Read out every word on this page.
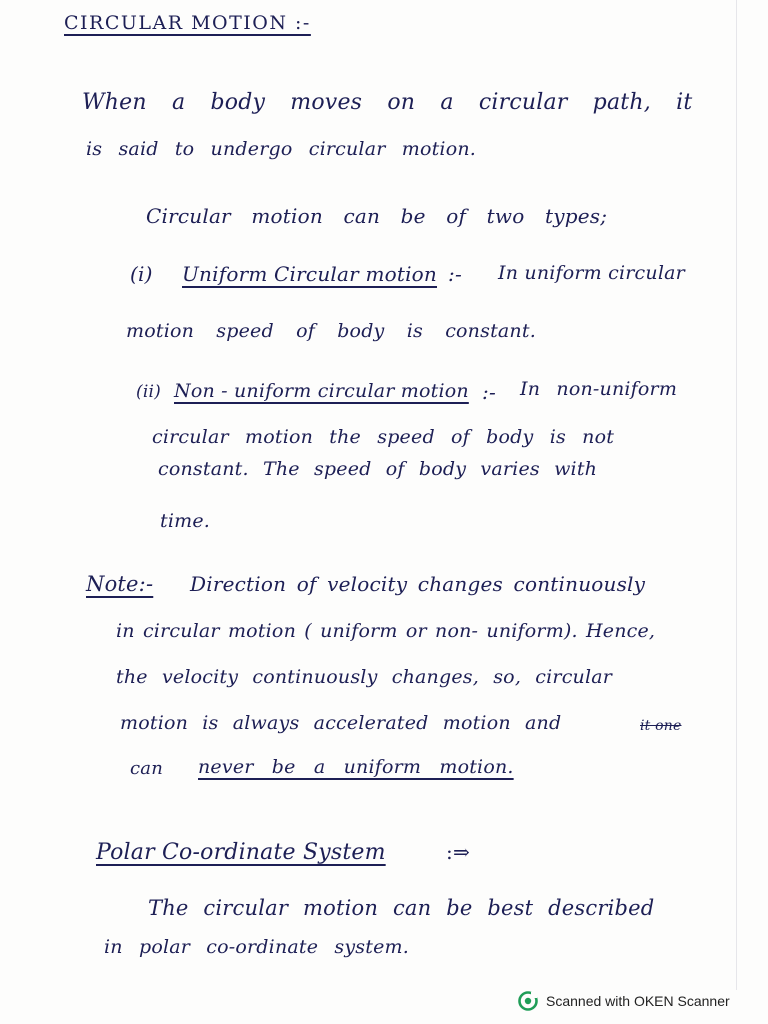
CIRCULAR MOTION :-
When a body moves on a circular path, it
is said to undergo circular motion.
Circular motion can be of two types;
(i) Uniform Circular motion :- In uniform circular
motion speed of body is constant.
(ii) Non - uniform circular motion :- In non-uniform
circular motion the speed of body is not
constant. The speed of body varies with
time.
Note:- Direction of velocity changes continuously
in circular motion ( uniform or non- uniform). Hence,
the velocity continuously changes, so, circular
motion is always accelerated motion and	it one
can never be a uniform motion.
Polar Co-ordinate System	:⇒
The circular motion can be best described
in polar co-ordinate system.
Scanned with OKEN Scanner
